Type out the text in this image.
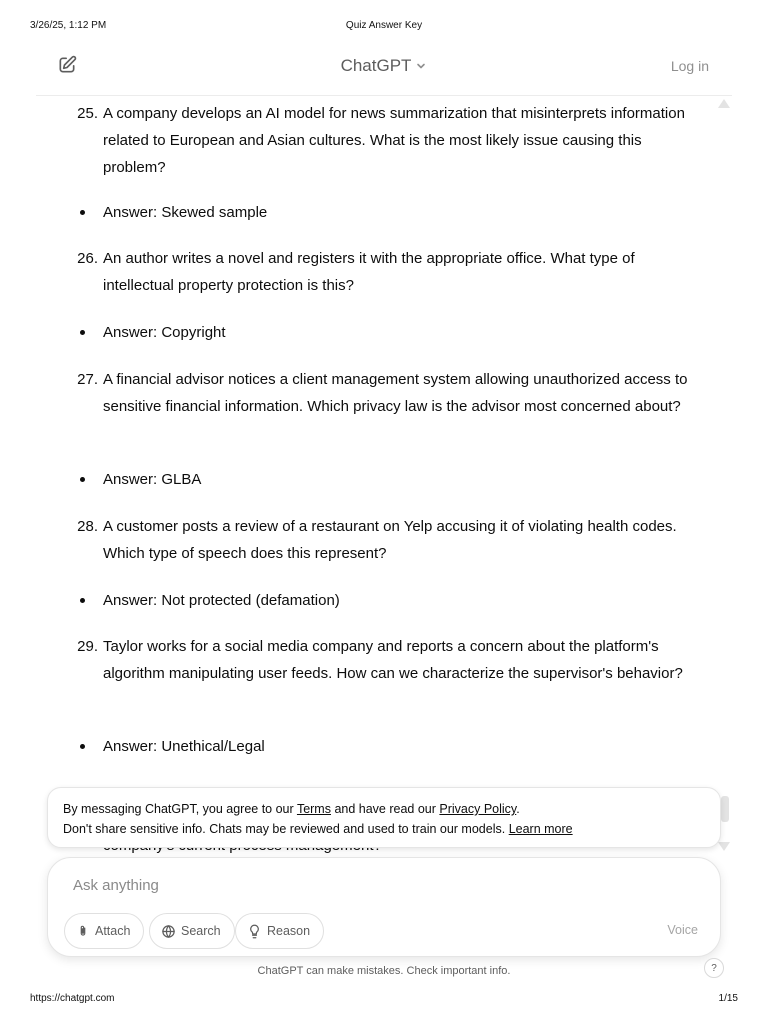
3/26/25, 1:12 PM	Quiz Answer Key
ChatGPT	Log in
25. A company develops an AI model for news summarization that misinterprets information related to European and Asian cultures. What is the most likely issue causing this problem?
Answer: Skewed sample
26. An author writes a novel and registers it with the appropriate office. What type of intellectual property protection is this?
Answer: Copyright
27. A financial advisor notices a client management system allowing unauthorized access to sensitive financial information. Which privacy law is the advisor most concerned about?
Answer: GLBA
28. A customer posts a review of a restaurant on Yelp accusing it of violating health codes. Which type of speech does this represent?
Answer: Not protected (defamation)
29. Taylor works for a social media company and reports a concern about the platform's algorithm manipulating user feeds. How can we characterize the supervisor's behavior?
Answer: Unethical/Legal
By messaging ChatGPT, you agree to our Terms and have read our Privacy Policy.
Don't share sensitive info. Chats may be reviewed and used to train our models. Learn more
Ask anything
Attach	Search	Reason	Voice
ChatGPT can make mistakes. Check important info.	?
https://chatgpt.com	1/15
